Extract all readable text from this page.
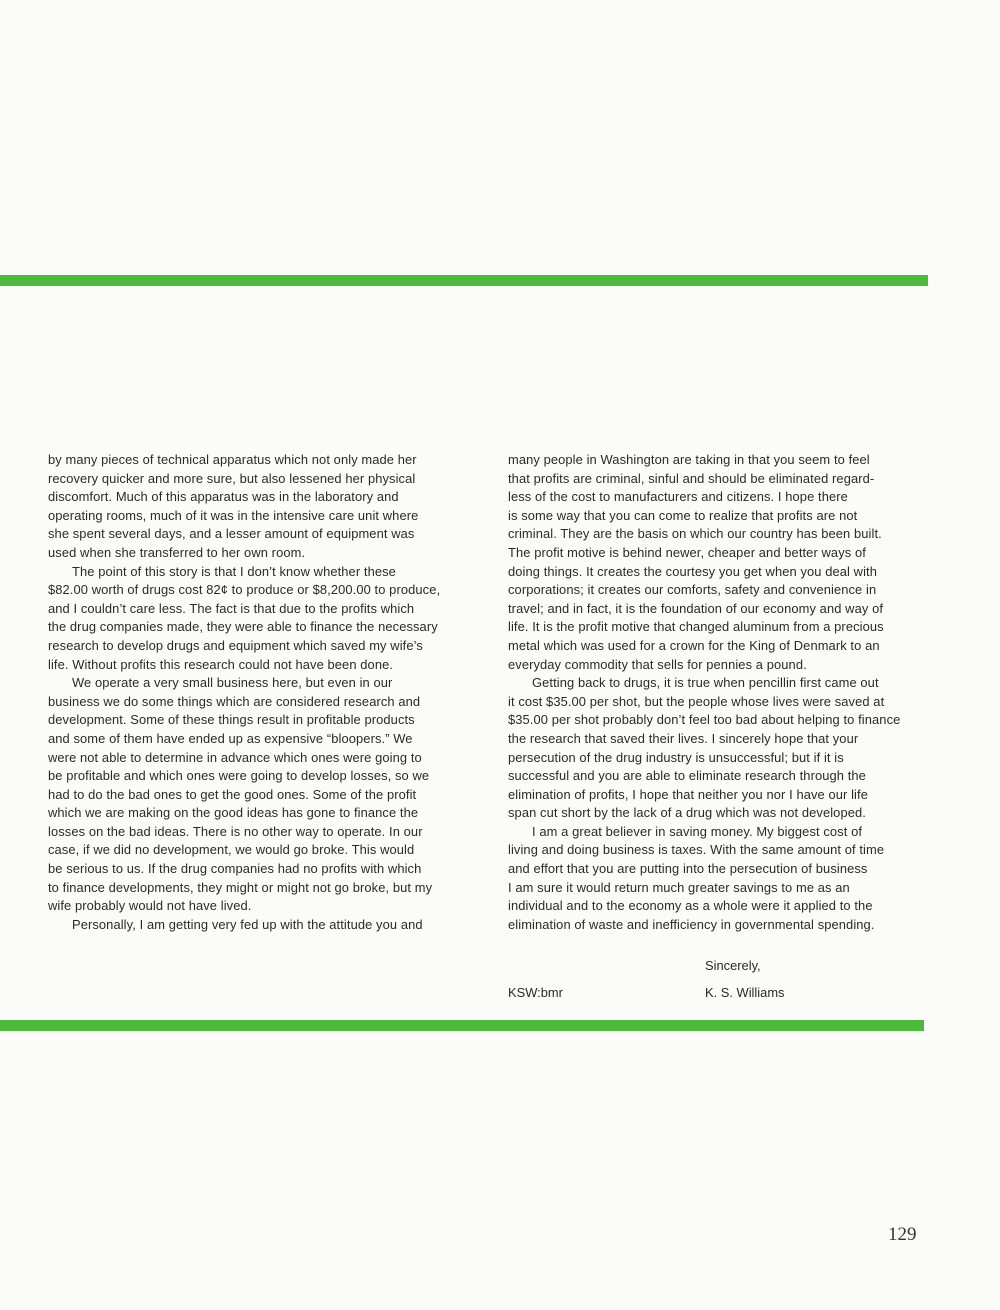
by many pieces of technical apparatus which not only made her
recovery quicker and more sure, but also lessened her physical
discomfort. Much of this apparatus was in the laboratory and
operating rooms, much of it was in the intensive care unit where
she spent several days, and a lesser amount of equipment was
used when she transferred to her own room.
The point of this story is that I don’t know whether these
$82.00 worth of drugs cost 82¢ to produce or $8,200.00 to produce,
and I couldn’t care less. The fact is that due to the profits which
the drug companies made, they were able to finance the necessary
research to develop drugs and equipment which saved my wife’s
life. Without profits this research could not have been done.
We operate a very small business here, but even in our
business we do some things which are considered research and
development. Some of these things result in profitable products
and some of them have ended up as expensive “bloopers.” We
were not able to determine in advance which ones were going to
be profitable and which ones were going to develop losses, so we
had to do the bad ones to get the good ones. Some of the profit
which we are making on the good ideas has gone to finance the
losses on the bad ideas. There is no other way to operate. In our
case, if we did no development, we would go broke. This would
be serious to us. If the drug companies had no profits with which
to finance developments, they might or might not go broke, but my
wife probably would not have lived.
Personally, I am getting very fed up with the attitude you and
many people in Washington are taking in that you seem to feel
that profits are criminal, sinful and should be eliminated regard-
less of the cost to manufacturers and citizens. I hope there
is some way that you can come to realize that profits are not
criminal. They are the basis on which our country has been built.
The profit motive is behind newer, cheaper and better ways of
doing things. It creates the courtesy you get when you deal with
corporations; it creates our comforts, safety and convenience in
travel; and in fact, it is the foundation of our economy and way of
life. It is the profit motive that changed aluminum from a precious
metal which was used for a crown for the King of Denmark to an
everyday commodity that sells for pennies a pound.
Getting back to drugs, it is true when pencillin first came out
it cost $35.00 per shot, but the people whose lives were saved at
$35.00 per shot probably don’t feel too bad about helping to finance
the research that saved their lives. I sincerely hope that your
persecution of the drug industry is unsuccessful; but if it is
successful and you are able to eliminate research through the
elimination of profits, I hope that neither you nor I have our life
span cut short by the lack of a drug which was not developed.
I am a great believer in saving money. My biggest cost of
living and doing business is taxes. With the same amount of time
and effort that you are putting into the persecution of business
I am sure it would return much greater savings to me as an
individual and to the economy as a whole were it applied to the
elimination of waste and inefficiency in governmental spending.
Sincerely,
KSW:bmr	K. S. Williams
129
